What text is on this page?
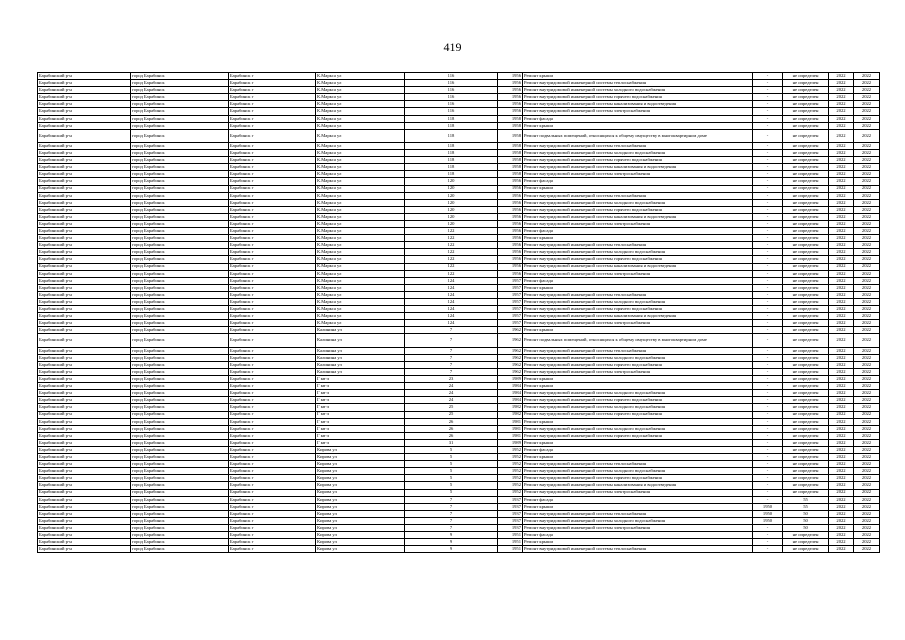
419
Барабинский р-н	город Барабинск	Барабинск г	К.Маркса ул	116	1956	Ремонт крыши	-	не определен	2022	2022
Барабинский р-н	город Барабинск	Барабинск г	К.Маркса ул	116	1956	Ремонт внутридомовой инженерной системы теплоснабжения	-	не определен	2022	2022
Барабинский р-н	город Барабинск	Барабинск г	К.Маркса ул	116	1956	Ремонт внутридомовой инженерной системы холодного водоснабжения	-	не определен	2022	2022
Барабинский р-н	город Барабинск	Барабинск г	К.Маркса ул	116	1956	Ремонт внутридомовой инженерной системы горячего водоснабжения	-	не определен	2022	2022
Барабинский р-н	город Барабинск	Барабинск г	К.Маркса ул	116	1956	Ремонт внутридомовой инженерной системы канализования и водоотведения	-	не определен	2022	2022
Барабинский р-н	город Барабинск	Барабинск г	К.Маркса ул	116	1956	Ремонт внутридомовой инженерной системы электроснабжения	-	не определен	2022	2022
Барабинский р-н	город Барабинск	Барабинск г	К.Маркса ул	118	1958	Ремонт фасада	-	не определен	2022	2022
Барабинский р-н	город Барабинск	Барабинск г	К.Маркса ул	118	1958	Ремонт крыши	-	не определен	2022	2022
Барабинский р-н	город Барабинск	Барабинск г	К.Маркса ул	118	1958	Ремонт подвальных помещений, относящихся к общему имуществу в многоквартирном доме	-	не определен	2022	2022
Барабинский р-н	город Барабинск	Барабинск г	К.Маркса ул	118	1958	Ремонт внутридомовой инженерной системы теплоснабжения	-	не определен	2022	2022
Барабинский р-н	город Барабинск	Барабинск г	К.Маркса ул	118	1958	Ремонт внутридомовой инженерной системы холодного водоснабжения	-	не определен	2022	2022
Барабинский р-н	город Барабинск	Барабинск г	К.Маркса ул	118	1958	Ремонт внутридомовой инженерной системы горячего водоснабжения	-	не определен	2022	2022
Барабинский р-н	город Барабинск	Барабинск г	К.Маркса ул	118	1958	Ремонт внутридомовой инженерной системы канализования и водоотведения	-	не определен	2022	2022
Барабинский р-н	город Барабинск	Барабинск г	К.Маркса ул	118	1958	Ремонт внутридомовой инженерной системы электроснабжения	-	не определен	2022	2022
Барабинский р-н	город Барабинск	Барабинск г	К.Маркса ул	120	1956	Ремонт фасада	-	не определен	2022	2022
Барабинский р-н	город Барабинск	Барабинск г	К.Маркса ул	120	1956	Ремонт крыши	-	не определен	2022	2022
Барабинский р-н	город Барабинск	Барабинск г	К.Маркса ул	120	1956	Ремонт внутридомовой инженерной системы теплоснабжения	-	не определен	2022	2022
Барабинский р-н	город Барабинск	Барабинск г	К.Маркса ул	120	1956	Ремонт внутридомовой инженерной системы холодного водоснабжения	-	не определен	2022	2022
Барабинский р-н	город Барабинск	Барабинск г	К.Маркса ул	120	1956	Ремонт внутридомовой инженерной системы горячего водоснабжения	-	не определен	2022	2022
Барабинский р-н	город Барабинск	Барабинск г	К.Маркса ул	120	1956	Ремонт внутридомовой инженерной системы канализования и водоотведения	-	не определен	2022	2022
Барабинский р-н	город Барабинск	Барабинск г	К.Маркса ул	120	1956	Ремонт внутридомовой инженерной системы электроснабжения	-	не определен	2022	2022
Барабинский р-н	город Барабинск	Барабинск г	К.Маркса ул	122	1956	Ремонт фасада	-	не определен	2022	2022
Барабинский р-н	город Барабинск	Барабинск г	К.Маркса ул	122	1956	Ремонт крыши	-	не определен	2022	2022
Барабинский р-н	город Барабинск	Барабинск г	К.Маркса ул	122	1956	Ремонт внутридомовой инженерной системы теплоснабжения	-	не определен	2022	2022
Барабинский р-н	город Барабинск	Барабинск г	К.Маркса ул	122	1956	Ремонт внутридомовой инженерной системы холодного водоснабжения	-	не определен	2022	2022
Барабинский р-н	город Барабинск	Барабинск г	К.Маркса ул	122	1956	Ремонт внутридомовой инженерной системы горячего водоснабжения	-	не определен	2022	2022
Барабинский р-н	город Барабинск	Барабинск г	К.Маркса ул	122	1956	Ремонт внутридомовой инженерной системы канализования и водоотведения	-	не определен	2022	2022
Барабинский р-н	город Барабинск	Барабинск г	К.Маркса ул	122	1956	Ремонт внутридомовой инженерной системы электроснабжения	-	не определен	2022	2022
Барабинский р-н	город Барабинск	Барабинск г	К.Маркса ул	124	1957	Ремонт фасада	-	не определен	2022	2022
Барабинский р-н	город Барабинск	Барабинск г	К.Маркса ул	124	1957	Ремонт крыши	-	не определен	2022	2022
Барабинский р-н	город Барабинск	Барабинск г	К.Маркса ул	124	1957	Ремонт внутридомовой инженерной системы теплоснабжения	-	не определен	2022	2022
Барабинский р-н	город Барабинск	Барабинск г	К.Маркса ул	124	1957	Ремонт внутридомовой инженерной системы холодного водоснабжения	-	не определен	2022	2022
Барабинский р-н	город Барабинск	Барабинск г	К.Маркса ул	124	1957	Ремонт внутридомовой инженерной системы горячего водоснабжения	-	не определен	2022	2022
Барабинский р-н	город Барабинск	Барабинск г	К.Маркса ул	124	1957	Ремонт внутридомовой инженерной системы канализования и водоотведения	-	не определен	2022	2022
Барабинский р-н	город Барабинск	Барабинск г	К.Маркса ул	124	1957	Ремонт внутридомовой инженерной системы электроснабжения	-	не определен	2022	2022
Барабинский р-н	город Барабинск	Барабинск г	Калинина ул	7	1962	Ремонт крыши	-	не определен	2022	2022
Барабинский р-н	город Барабинск	Барабинск г	Калинина ул	7	1962	Ремонт подвальных помещений, относящихся к общему имуществу в многоквартирном доме	-	не определен	2022	2022
Барабинский р-н	город Барабинск	Барабинск г	Калинина ул	7	1962	Ремонт внутридомовой инженерной системы теплоснабжения	-	не определен	2022	2022
Барабинский р-н	город Барабинск	Барабинск г	Калинина ул	7	1962	Ремонт внутридомовой инженерной системы холодного водоснабжения	-	не определен	2022	2022
Барабинский р-н	город Барабинск	Барабинск г	Калинина ул	7	1962	Ремонт внутридомовой инженерной системы горячего водоснабжения	-	не определен	2022	2022
Барабинский р-н	город Барабинск	Барабинск г	Калинина ул	7	1962	Ремонт внутридомовой инженерной системы электроснабжения	-	не определен	2022	2022
Барабинский р-н	город Барабинск	Барабинск г	Г кв-л	23	1989	Ремонт крыши	-	не определен	2022	2022
Барабинский р-н	город Барабинск	Барабинск г	Г кв-л	24	1984	Ремонт крыши	-	не определен	2022	2022
Барабинский р-н	город Барабинск	Барабинск г	Г кв-л	24	1984	Ремонт внутридомовой инженерной системы холодного водоснабжения	-	не определен	2022	2022
Барабинский р-н	город Барабинск	Барабинск г	Г кв-л	24	1984	Ремонт внутридомовой инженерной системы горячего водоснабжения	-	не определен	2022	2022
Барабинский р-н	город Барабинск	Барабинск г	Г кв-л	25	1982	Ремонт внутридомовой инженерной системы холодного водоснабжения	-	не определен	2022	2022
Барабинский р-н	город Барабинск	Барабинск г	Г кв-л	25	1982	Ремонт внутридомовой инженерной системы горячего водоснабжения	-	не определен	2022	2022
Барабинский р-н	город Барабинск	Барабинск г	Г кв-л	26	1981	Ремонт крыши	-	не определен	2022	2022
Барабинский р-н	город Барабинск	Барабинск г	Г кв-л	26	1981	Ремонт внутридомовой инженерной системы холодного водоснабжения	-	не определен	2022	2022
Барабинский р-н	город Барабинск	Барабинск г	Г кв-л	26	1981	Ремонт внутридомовой инженерной системы горячего водоснабжения	-	не определен	2022	2022
Барабинский р-н	город Барабинск	Барабинск г	Г кв-л	31	1989	Ремонт крыши	-	не определен	2022	2022
Барабинский р-н	город Барабинск	Барабинск г	Кирова ул	5	1952	Ремонт фасада	-	не определен	2022	2022
Барабинский р-н	город Барабинск	Барабинск г	Кирова ул	5	1952	Ремонт крыши	-	не определен	2022	2022
Барабинский р-н	город Барабинск	Барабинск г	Кирова ул	5	1952	Ремонт внутридомовой инженерной системы теплоснабжения	-	не определен	2022	2022
Барабинский р-н	город Барабинск	Барабинск г	Кирова ул	5	1952	Ремонт внутридомовой инженерной системы холодного водоснабжения	-	не определен	2022	2022
Барабинский р-н	город Барабинск	Барабинск г	Кирова ул	5	1952	Ремонт внутридомовой инженерной системы горячего водоснабжения	-	не определен	2022	2022
Барабинский р-н	город Барабинск	Барабинск г	Кирова ул	5	1952	Ремонт внутридомовой инженерной системы канализования и водоотведения	-	не определен	2022	2022
Барабинский р-н	город Барабинск	Барабинск г	Кирова ул	5	1952	Ремонт внутридомовой инженерной системы электроснабжения	-	не определен	2022	2022
Барабинский р-н	город Барабинск	Барабинск г	Кирова ул	7	1937	Ремонт фасада	-	55	2022	2022
Барабинский р-н	город Барабинск	Барабинск г	Кирова ул	7	1937	Ремонт крыши	1950	55	2022	2022
Барабинский р-н	город Барабинск	Барабинск г	Кирова ул	7	1937	Ремонт внутридомовой инженерной системы теплоснабжения	1950	50	2022	2022
Барабинский р-н	город Барабинск	Барабинск г	Кирова ул	7	1937	Ремонт внутридомовой инженерной системы холодного водоснабжения	1950	50	2022	2022
Барабинский р-н	город Барабинск	Барабинск г	Кирова ул	7	1937	Ремонт внутридомовой инженерной системы электроснабжения	-	50	2022	2022
Барабинский р-н	город Барабинск	Барабинск г	Кирова ул	9	1951	Ремонт фасада	-	не определен	2022	2022
Барабинский р-н	город Барабинск	Барабинск г	Кирова ул	9	1951	Ремонт крыши	-	не определен	2022	2022
Барабинский р-н	город Барабинск	Барабинск г	Кирова ул	9	1951	Ремонт внутридомовой инженерной системы теплоснабжения	-	не определен	2022	2022
